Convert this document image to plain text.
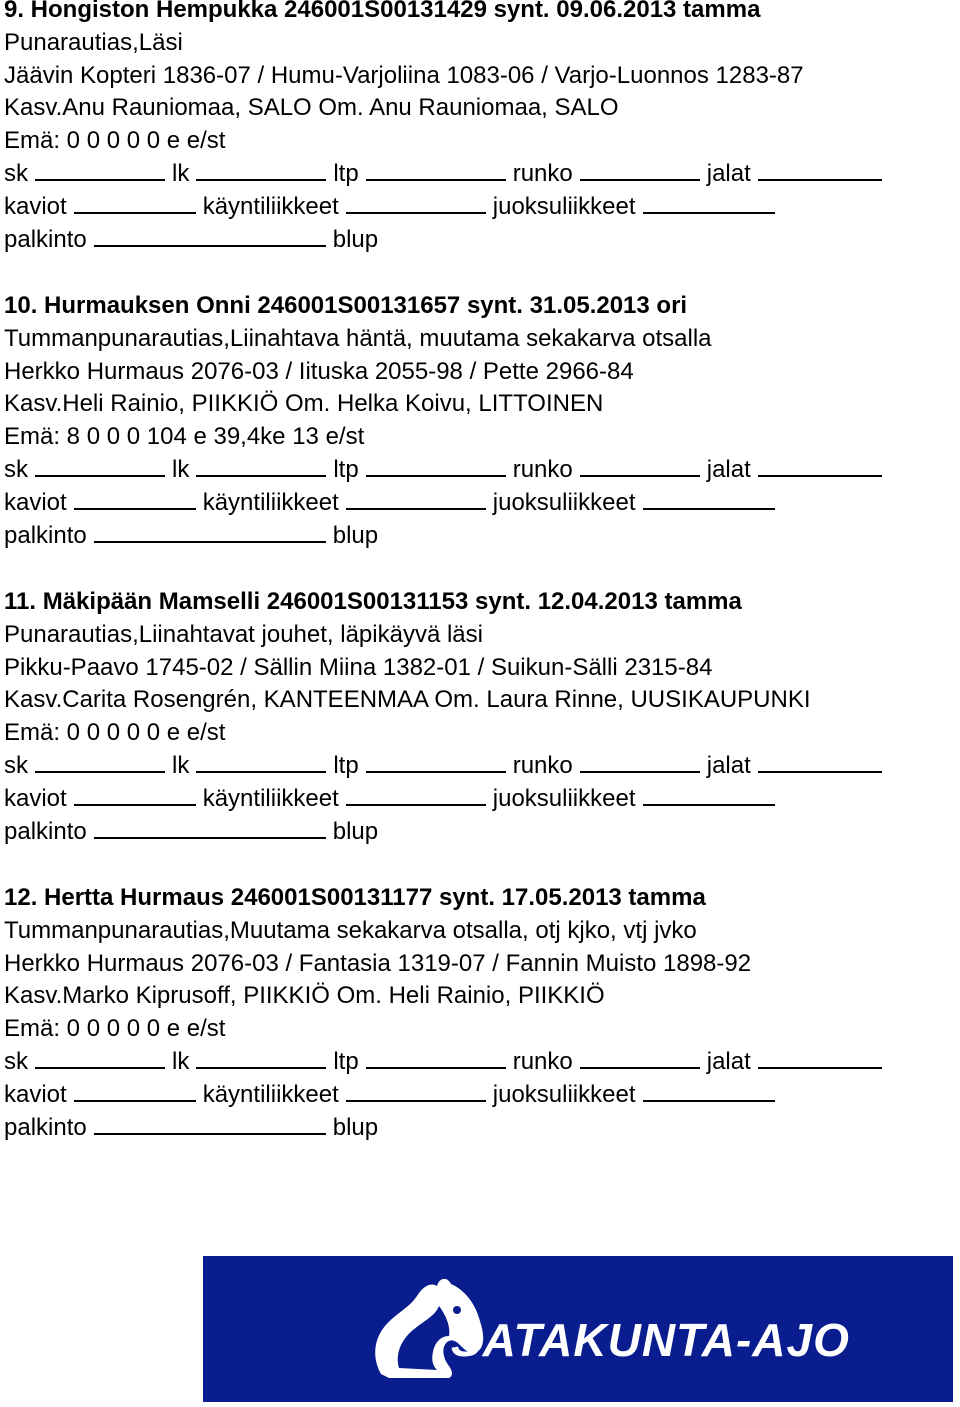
9. Hongiston Hempukka 246001S00131429 synt. 09.06.2013 tamma
Punarautias,Läsi
Jäävin Kopteri 1836-07 / Humu-Varjoliina 1083-06 / Varjo-Luonnos 1283-87
Kasv.Anu Rauniomaa, SALO Om. Anu Rauniomaa, SALO
Emä: 0 0 0 0 0 e e/st
sk	lk	ltp	runko	jalat
kaviot	käyntiliikkeet	juoksuliikkeet
palkinto	blup
10. Hurmauksen Onni 246001S00131657 synt. 31.05.2013 ori
Tummanpunarautias,Liinahtava häntä, muutama sekakarva otsalla
Herkko Hurmaus 2076-03 / Iituska 2055-98 / Pette 2966-84
Kasv.Heli Rainio, PIIKKIÖ Om. Helka Koivu, LITTOINEN
Emä: 8 0 0 0 104 e 39,4ke 13 e/st
sk	lk	ltp	runko	jalat
kaviot	käyntiliikkeet	juoksuliikkeet
palkinto	blup
11. Mäkipään Mamselli 246001S00131153 synt. 12.04.2013 tamma
Punarautias,Liinahtavat jouhet, läpikäyvä läsi
Pikku-Paavo 1745-02 / Sällin Miina 1382-01 / Suikun-Sälli 2315-84
Kasv.Carita Rosengrén, KANTEENMAA Om. Laura Rinne, UUSIKAUPUNKI
Emä: 0 0 0 0 0 e e/st
sk	lk	ltp	runko	jalat
kaviot	käyntiliikkeet	juoksuliikkeet
palkinto	blup
12. Hertta Hurmaus 246001S00131177 synt. 17.05.2013 tamma
Tummanpunarautias,Muutama sekakarva otsalla, otj kjko, vtj jvko
Herkko Hurmaus 2076-03 / Fantasia 1319-07 / Fannin Muisto 1898-92
Kasv.Marko Kiprusoff, PIIKKIÖ Om. Heli Rainio, PIIKKIÖ
Emä: 0 0 0 0 0 e e/st
sk	lk	ltp	runko	jalat
kaviot	käyntiliikkeet	juoksuliikkeet
palkinto	blup
SATAKUNTA-AJO
